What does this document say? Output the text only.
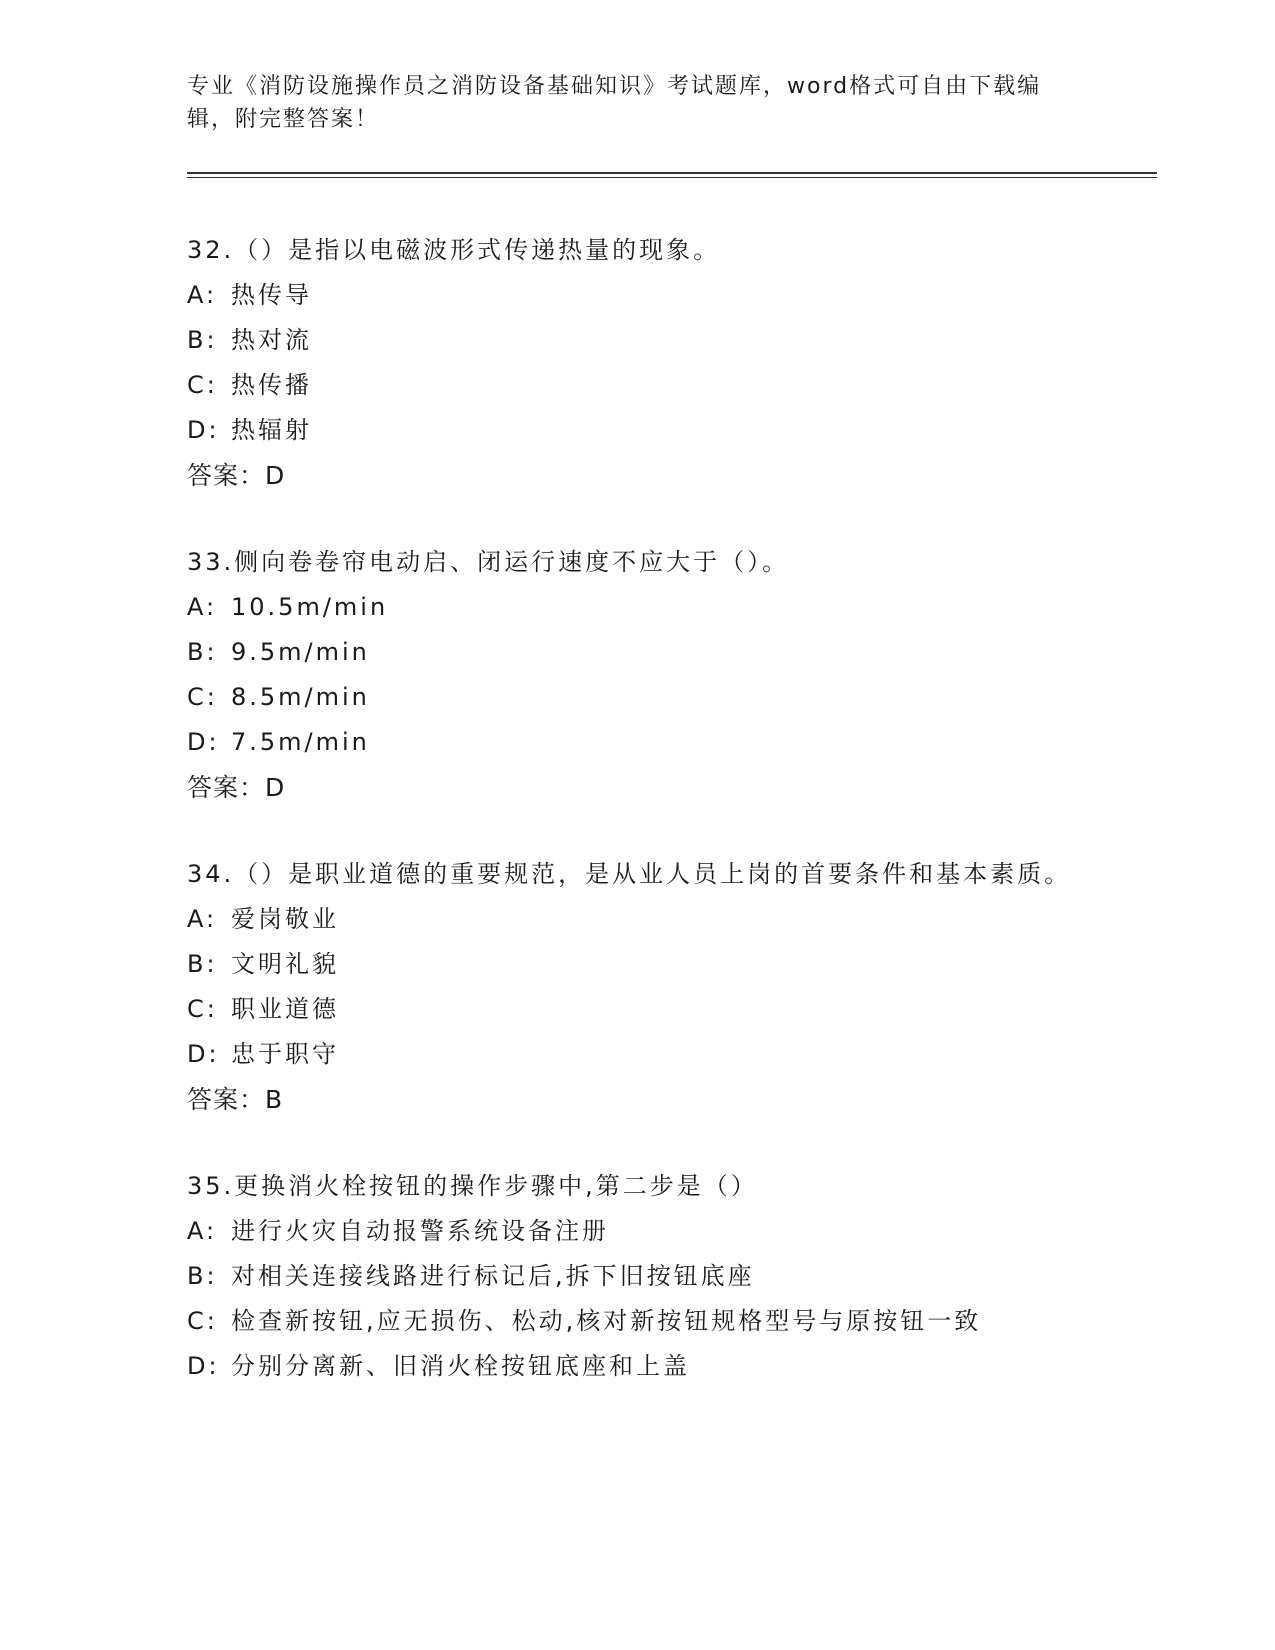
专业《消防设施操作员之消防设备基础知识》考试题库，word格式可自由下载编辑，附完整答案！

32.（）是指以电磁波形式传递热量的现象。

A: 热传导

B: 热对流

C: 热传播

D: 热辐射

答案：D

33.侧向卷卷帘电动启、闭运行速度不应大于（）。

A: 10.5m/min

B: 9.5m/min

C: 8.5m/min

D: 7.5m/min

答案：D

34.（）是职业道德的重要规范，是从业人员上岗的首要条件和基本素质。

A: 爱岗敬业

B: 文明礼貌

C: 职业道德

D: 忠于职守

答案：B

35.更换消火栓按钮的操作步骤中,第二步是（）

A: 进行火灾自动报警系统设备注册

B: 对相关连接线路进行标记后,拆下旧按钮底座

C: 检查新按钮,应无损伤、松动,核对新按钮规格型号与原按钮一致

D: 分别分离新、旧消火栓按钮底座和上盖
